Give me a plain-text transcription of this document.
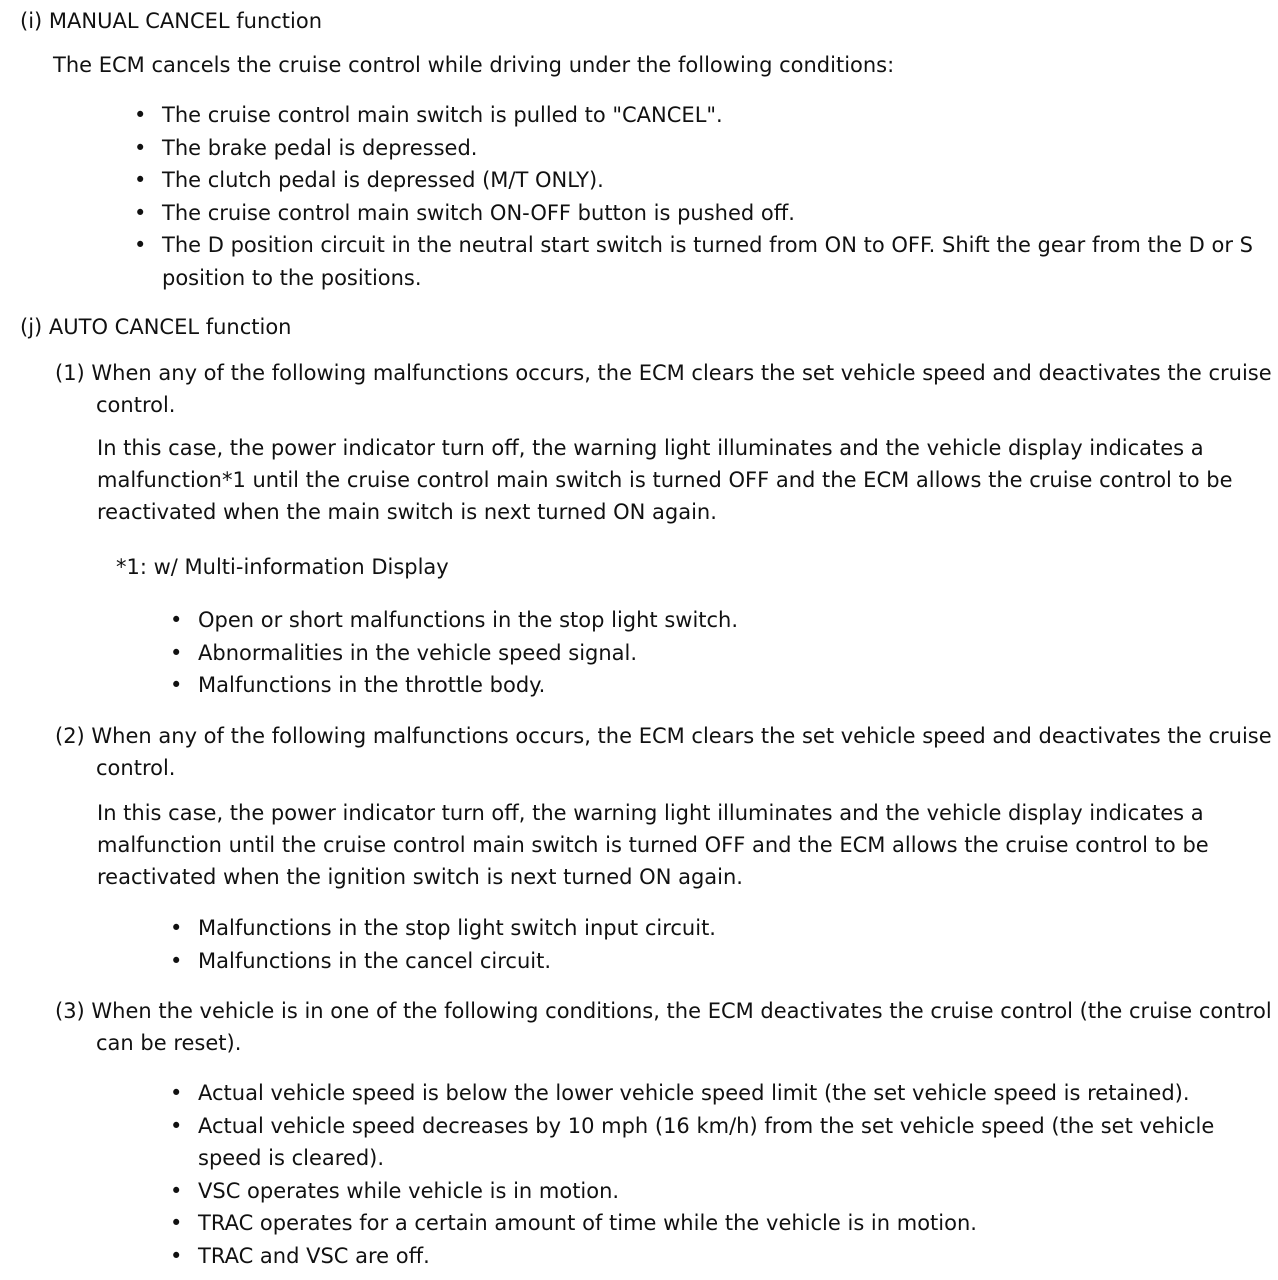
(i) MANUAL CANCEL function

The ECM cancels the cruise control while driving under the following conditions:

• The cruise control main switch is pulled to "CANCEL".
• The brake pedal is depressed.
• The clutch pedal is depressed (M/T ONLY).
• The cruise control main switch ON-OFF button is pushed off.
• The D position circuit in the neutral start switch is turned from ON to OFF. Shift the gear from the D or S position to the positions.
(j) AUTO CANCEL function

(1) When any of the following malfunctions occurs, the ECM clears the set vehicle speed and deactivates the cruise control.

In this case, the power indicator turn off, the warning light illuminates and the vehicle display indicates a malfunction*1 until the cruise control main switch is turned OFF and the ECM allows the cruise control to be reactivated when the main switch is next turned ON again.

*1: w/ Multi-information Display

• Open or short malfunctions in the stop light switch.
• Abnormalities in the vehicle speed signal.
• Malfunctions in the throttle body.

(2) When any of the following malfunctions occurs, the ECM clears the set vehicle speed and deactivates the cruise control.

In this case, the power indicator turn off, the warning light illuminates and the vehicle display indicates a malfunction until the cruise control main switch is turned OFF and the ECM allows the cruise control to be reactivated when the ignition switch is next turned ON again.

• Malfunctions in the stop light switch input circuit.
• Malfunctions in the cancel circuit.

(3) When the vehicle is in one of the following conditions, the ECM deactivates the cruise control (the cruise control can be reset).

• Actual vehicle speed is below the lower vehicle speed limit (the set vehicle speed is retained).
• Actual vehicle speed decreases by 10 mph (16 km/h) from the set vehicle speed (the set vehicle speed is cleared).
• VSC operates while vehicle is in motion.
• TRAC operates for a certain amount of time while the vehicle is in motion.
• TRAC and VSC are off.
